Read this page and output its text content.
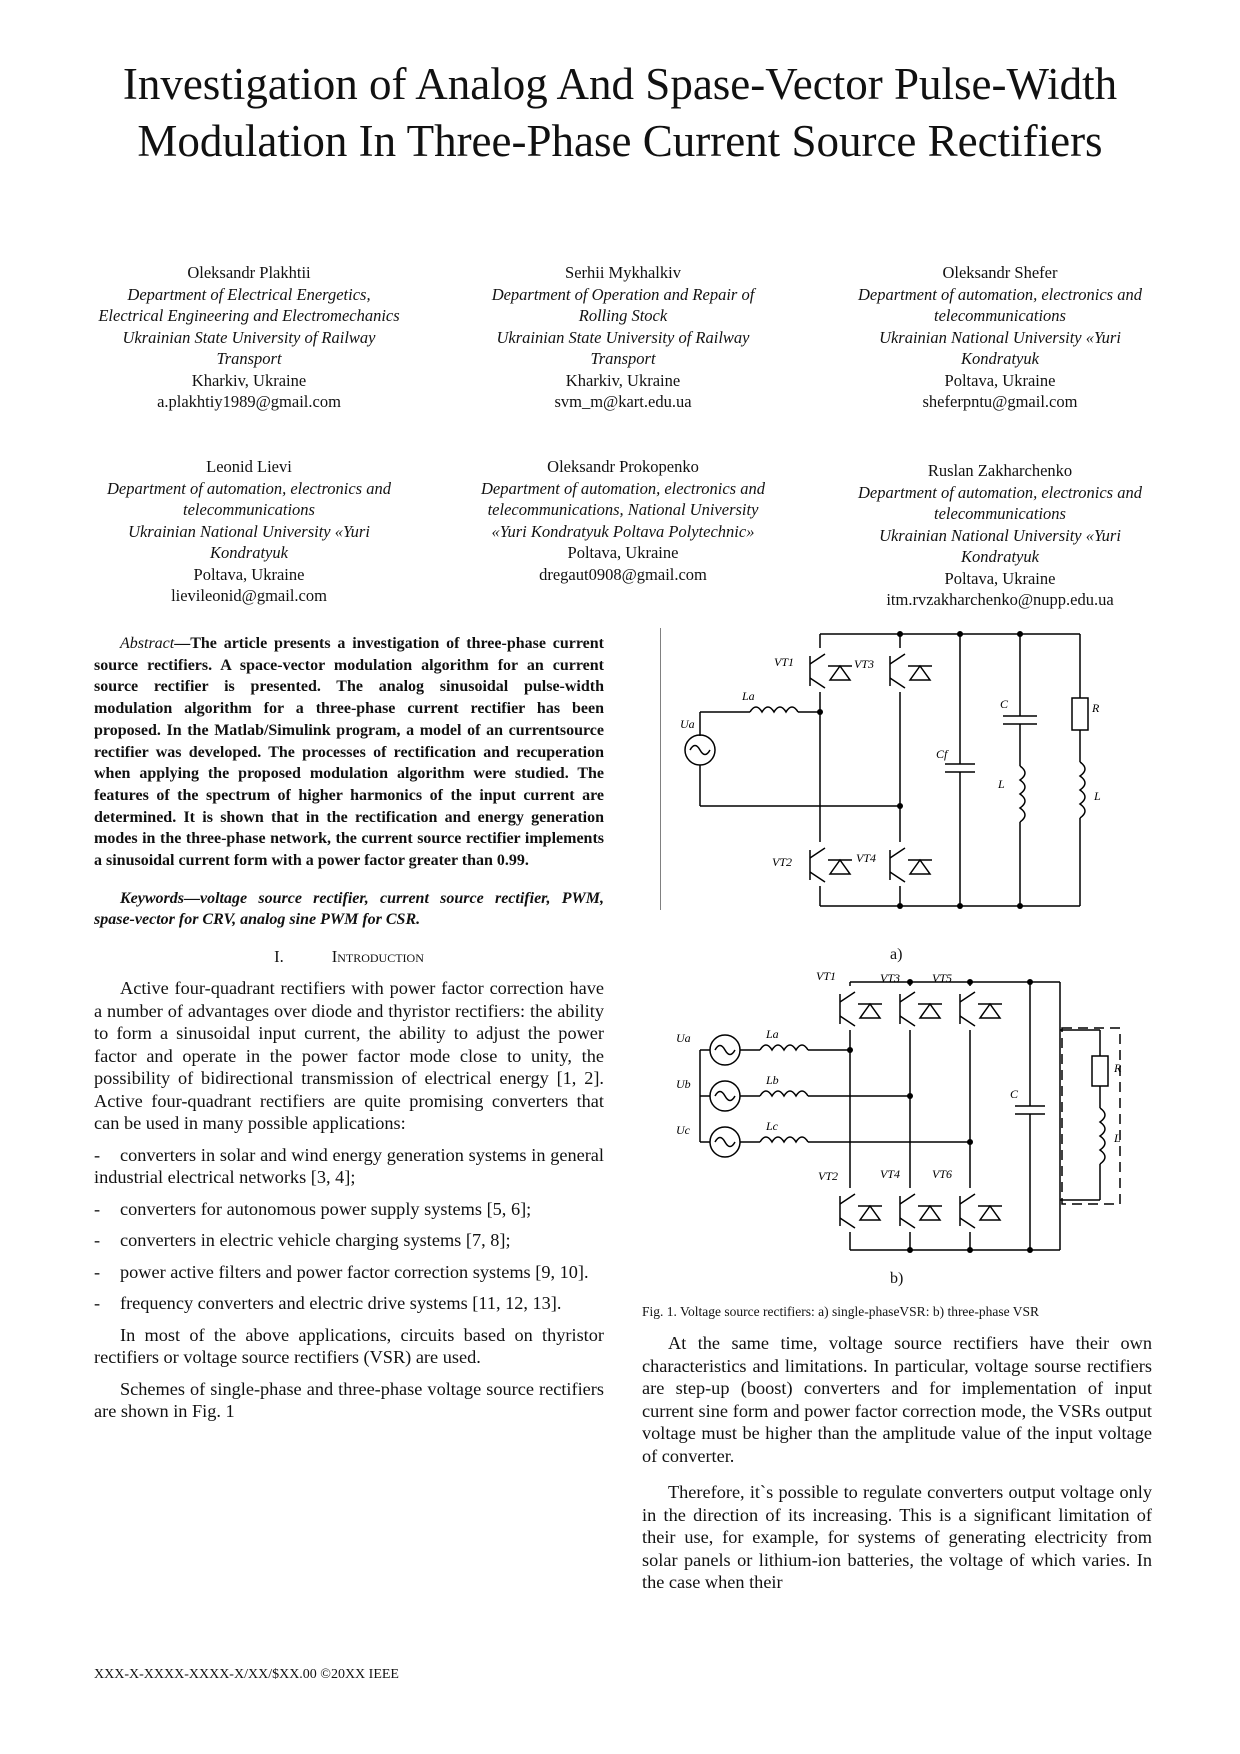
Investigation of Analog And Spase-Vector Pulse-Width Modulation In Three-Phase Current Source Rectifiers
Oleksandr Plakhtii
Department of Electrical Energetics, Electrical Engineering and Electromechanics
Ukrainian State University of Railway Transport
Kharkiv, Ukraine
a.plakhtiy1989@gmail.com
Serhii Mykhalkiv
Department of Operation and Repair of Rolling Stock
Ukrainian State University of Railway Transport
Kharkiv, Ukraine
svm_m@kart.edu.ua
Oleksandr Shefer
Department of automation, electronics and telecommunications
Ukrainian National University «Yuri Kondratyuk
Poltava, Ukraine
sheferpntu@gmail.com
Leonid Lievi
Department of automation, electronics and telecommunications
Ukrainian National University «Yuri Kondratyuk
Poltava, Ukraine
lievileonid@gmail.com
Oleksandr Prokopenko
Department of automation, electronics and telecommunications, National University «Yuri Kondratyuk Poltava Polytechnic»
Poltava, Ukraine
dregaut0908@gmail.com
Ruslan Zakharchenko
Department of automation, electronics and telecommunications
Ukrainian National University «Yuri Kondratyuk
Poltava, Ukraine
itm.rvzakharchenko@nupp.edu.ua

Abstract—The article presents a investigation of three-phase current source rectifiers. A space-vector modulation algorithm for an current source rectifier is presented. The analog sinusoidal pulse-width modulation algorithm for a three-phase current rectifier has been proposed. In the Matlab/Simulink program, a model of an currentsource rectifier was developed. The processes of rectification and recuperation when applying the proposed modulation algorithm were studied. The features of the spectrum of higher harmonics of the input current are determined. It is shown that in the rectification and energy generation modes in the three-phase network, the current source rectifier implements a sinusoidal current form with a power factor greater than 0.99.

Keywords—voltage source rectifier, current source rectifier, PWM, spase-vector for CRV, analog sine PWM for CSR.

I.	Introduction

Active four-quadrant rectifiers with power factor correction have a number of advantages over diode and thyristor rectifiers: the ability to form a sinusoidal input current, the ability to adjust the power factor and operate in the power factor mode close to unity, the possibility of bidirectional transmission of electrical energy [1, 2]. Active four-quadrant rectifiers are quite promising converters that can be used in many possible applications:

- converters in solar and wind energy generation systems in general industrial electrical networks [3, 4];

- converters for autonomous power supply systems [5, 6];

- converters in electric vehicle charging systems [7, 8];

- power active filters and power factor correction systems [9, 10].

- frequency converters and electric drive systems [11, 12, 13].

In most of the above applications, circuits based on thyristor rectifiers or voltage source rectifiers (VSR) are used.

Schemes of single-phase and three-phase voltage source rectifiers are shown in Fig. 1

VT1	VT3
VT2	VT4
La
Ua
Cf
C
L
R
L
a)
VT1	VT3	VT5
VT2	VT4	VT6
La
Lb
Lc
Ua
Ub
Uc
C
R
L
b)
Fig. 1. Voltage source rectifiers: a) single-phaseVSR: b) three-phase VSR

At the same time, voltage source rectifiers have their own characteristics and limitations. In particular, voltage sourse rectifiers are step-up (boost) converters and for implementation of input current sine form and power factor correction mode, the VSRs output voltage must be higher than the amplitude value of the input voltage of converter.

Therefore, it`s possible to regulate converters output voltage only in the direction of its increasing. This is a significant limitation of their use, for example, for systems of generating electricity from solar panels or lithium-ion batteries, the voltage of which varies. In the case when their

XXX-X-XXXX-XXXX-X/XX/$XX.00 ©20XX IEEE
